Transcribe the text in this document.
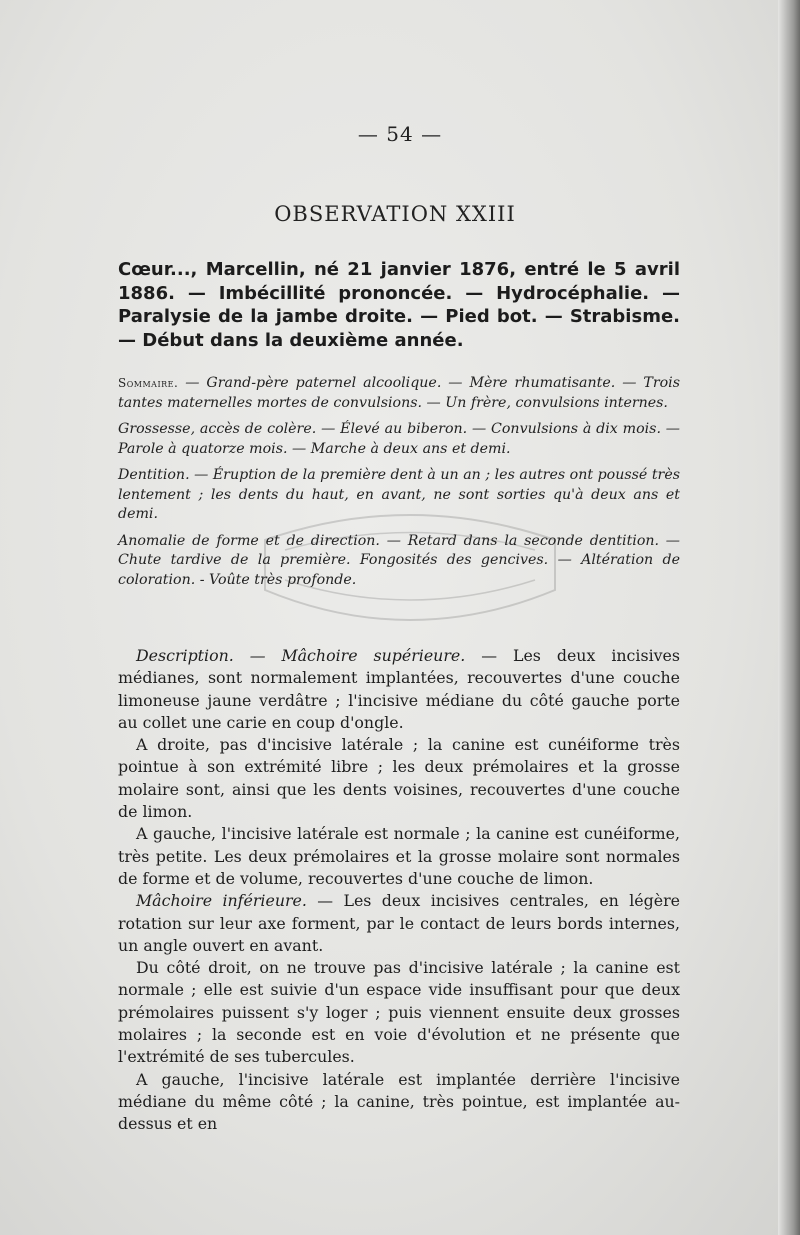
— 54 —
OBSERVATION XXIII

Cœur..., Marcellin, né 21 janvier 1876, entré le 5 avril 1886. — Imbécillité prononcée. — Hydrocéphalie. — Paralysie de la jambe droite. — Pied bot. — Strabisme. — Début dans la deuxième année.

Sommaire. — Grand-père paternel alcoolique. — Mère rhumatisante. — Trois tantes maternelles mortes de convulsions. — Un frère, convulsions internes.

Grossesse, accès de colère. — Élevé au biberon. — Convulsions à dix mois. — Parole à quatorze mois. — Marche à deux ans et demi.

Dentition. — Éruption de la première dent à un an ; les autres ont poussé très lentement ; les dents du haut, en avant, ne sont sorties qu'à deux ans et demi.

Anomalie de forme et de direction. — Retard dans la seconde dentition. — Chute tardive de la première. Fongosités des gencives. — Altération de coloration. - Voûte très profonde.

Description. — Mâchoire supérieure. — Les deux incisives médianes, sont normalement implantées, recouvertes d'une couche limoneuse jaune verdâtre ; l'incisive médiane du côté gauche porte au collet une carie en coup d'ongle.

A droite, pas d'incisive latérale ; la canine est cunéiforme très pointue à son extrémité libre ; les deux prémolaires et la grosse molaire sont, ainsi que les dents voisines, recouvertes d'une couche de limon.

A gauche, l'incisive latérale est normale ; la canine est cunéiforme, très petite. Les deux prémolaires et la grosse molaire sont normales de forme et de volume, recouvertes d'une couche de limon.

Mâchoire inférieure. — Les deux incisives centrales, en légère rotation sur leur axe forment, par le contact de leurs bords internes, un angle ouvert en avant.

Du côté droit, on ne trouve pas d'incisive latérale ; la canine est normale ; elle est suivie d'un espace vide insuffisant pour que deux prémolaires puissent s'y loger ; puis viennent ensuite deux grosses molaires ; la seconde est en voie d'évolution et ne présente que l'extrémité de ses tubercules.

A gauche, l'incisive latérale est implantée derrière l'incisive médiane du même côté ; la canine, très pointue, est implantée au-dessus et en
